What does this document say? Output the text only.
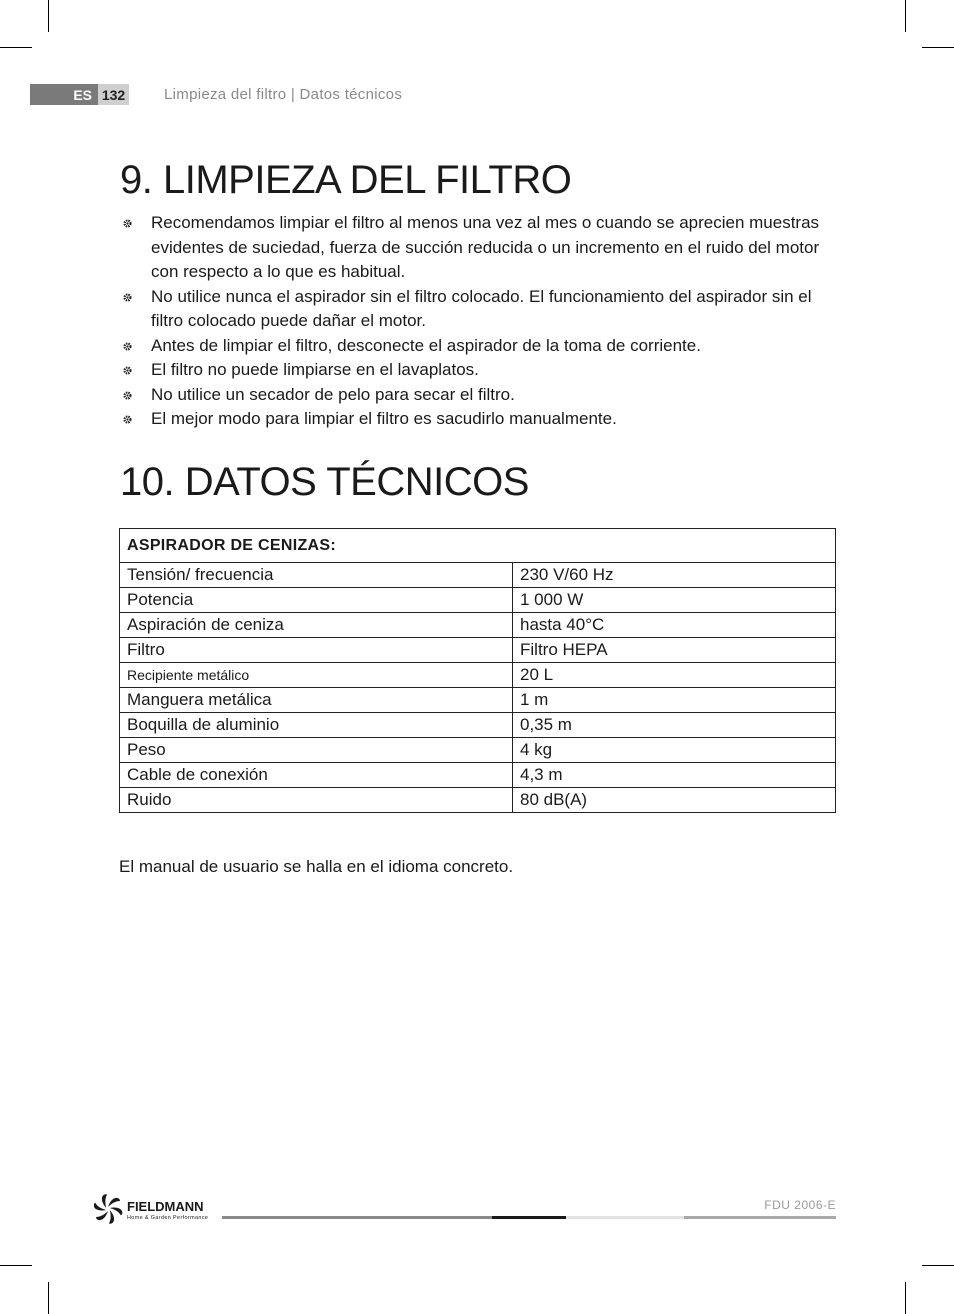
ES 132	Limpieza del filtro | Datos técnicos
9. LIMPIEZA DEL FILTRO
Recomendamos limpiar el filtro al menos una vez al mes o cuando se aprecien muestras evidentes de suciedad, fuerza de succión reducida o un incremento en el ruido del motor con respecto a lo que es habitual.
No utilice nunca el aspirador sin el filtro colocado. El funcionamiento del aspirador sin el filtro colocado puede dañar el motor.
Antes de limpiar el filtro, desconecte el aspirador de la toma de corriente.
El filtro no puede limpiarse en el lavaplatos.
No utilice un secador de pelo para secar el filtro.
El mejor modo para limpiar el filtro es sacudirlo manualmente.
10. DATOS TÉCNICOS
ASPIRADOR DE CENIZAS:	
Tensión/ frecuencia	230 V/60 Hz
Potencia	1 000 W
Aspiración de ceniza	hasta 40°C
Filtro	Filtro HEPA
Recipiente metálico	20 L
Manguera metálica	1 m
Boquilla de aluminio	0,35 m
Peso	4 kg
Cable de conexión	4,3 m
Ruido	80 dB(A)
El manual de usuario se halla en el idioma concreto.
FIELDMANN
Home & Garden Performance
FDU 2006-E
